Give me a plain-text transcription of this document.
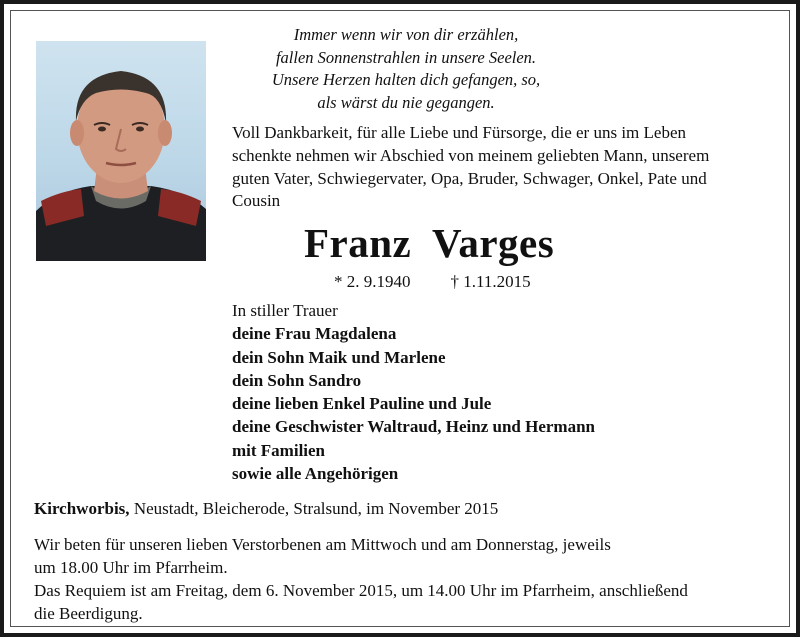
Immer wenn wir von dir erzählen,
fallen Sonnenstrahlen in unsere Seelen.
Unsere Herzen halten dich gefangen, so,
als wärst du nie gegangen.
Voll Dankbarkeit, für alle Liebe und Fürsorge, die er uns im Leben
schenkte nehmen wir Abschied von meinem geliebten Mann, unserem
guten Vater, Schwiegervater, Opa, Bruder, Schwager, Onkel, Pate und
Cousin
Franz Varges
* 2. 9.1940 † 1.11.2015
In stiller Trauer
deine Frau Magdalena
dein Sohn Maik und Marlene
dein Sohn Sandro
deine lieben Enkel Pauline und Jule
deine Geschwister Waltraud, Heinz und Hermann
mit Familien
sowie alle Angehörigen
Kirchworbis, Neustadt, Bleicherode, Stralsund, im November 2015
Wir beten für unseren lieben Verstorbenen am Mittwoch und am Donnerstag, jeweils
um 18.00 Uhr im Pfarrheim.
Das Requiem ist am Freitag, dem 6. November 2015, um 14.00 Uhr im Pfarrheim, anschließend
die Beerdigung.
